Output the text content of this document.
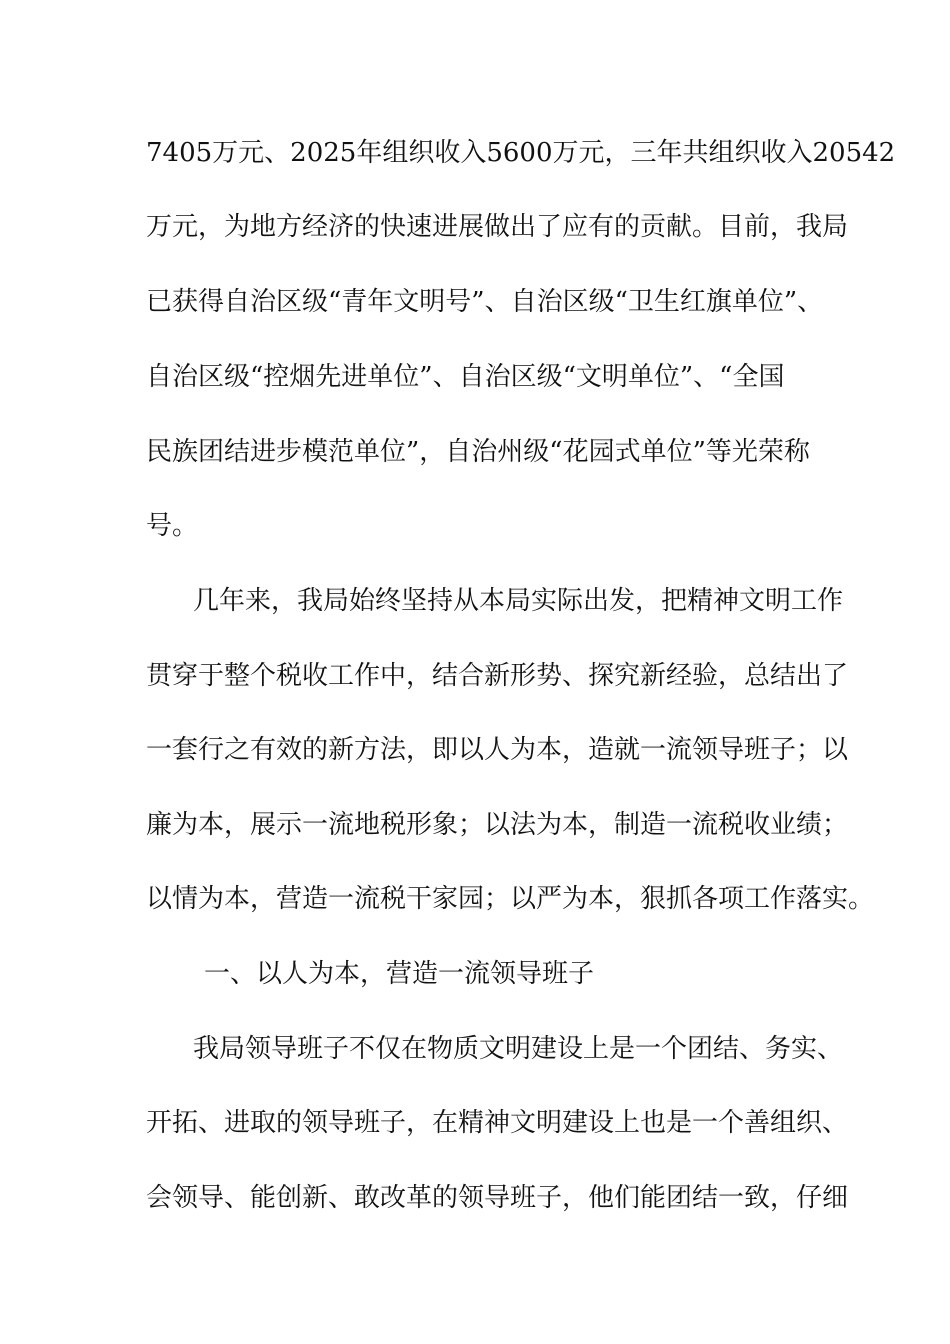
7405万元、2025年组织收入5600万元，三年共组织收入20542

万元，为地方经济的快速进展做出了应有的贡献。目前，我局

已获得自治区级“青年文明号”、自治区级“卫生红旗单位”、

自治区级“控烟先进单位”、自治区级“文明单位”、“全国

民族团结进步模范单位”，自治州级“花园式单位”等光荣称

号。

几年来，我局始终坚持从本局实际出发，把精神文明工作

贯穿于整个税收工作中，结合新形势、探究新经验，总结出了

一套行之有效的新方法，即以人为本，造就一流领导班子；以

廉为本，展示一流地税形象；以法为本，制造一流税收业绩；

以情为本，营造一流税干家园；以严为本，狠抓各项工作落实。

一、以人为本，营造一流领导班子

我局领导班子不仅在物质文明建设上是一个团结、务实、

开拓、进取的领导班子，在精神文明建设上也是一个善组织、

会领导、能创新、敢改革的领导班子，他们能团结一致，仔细
